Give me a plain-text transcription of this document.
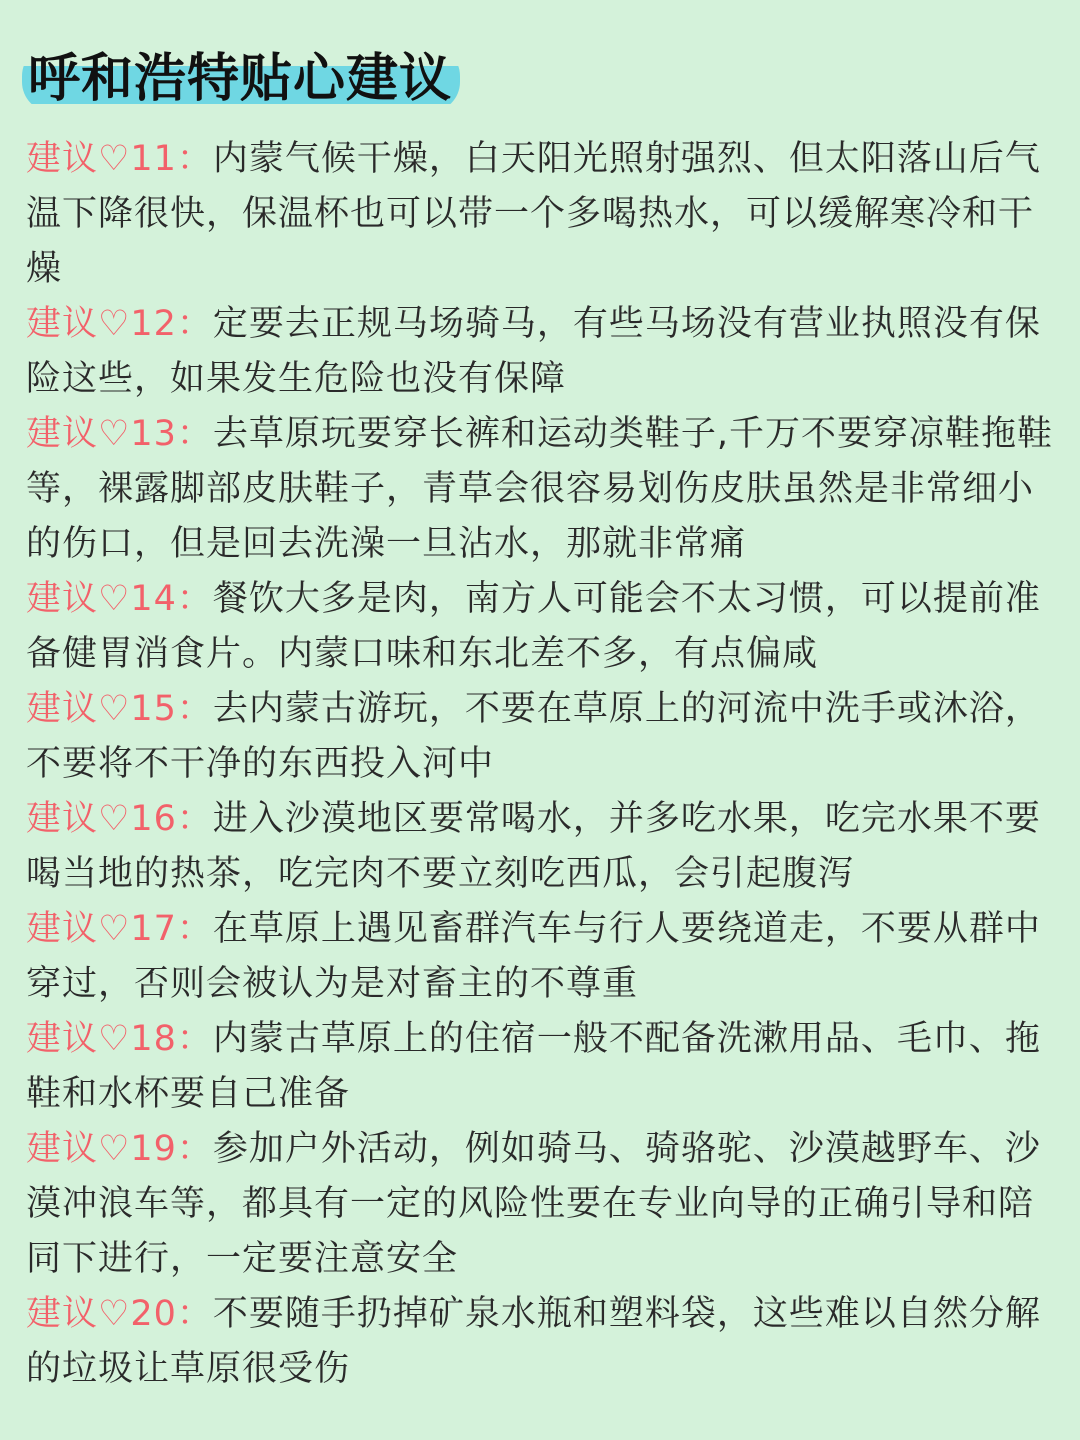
呼和浩特贴心建议
建议♡11：内蒙气候干燥，白天阳光照射强烈、但太阳落山后气温下降很快，保温杯也可以带一个多喝热水，可以缓解寒冷和干燥
建议♡12：定要去正规马场骑马，有些马场没有营业执照没有保险这些，如果发生危险也没有保障
建议♡13：去草原玩要穿长裤和运动类鞋子,千万不要穿凉鞋拖鞋等，裸露脚部皮肤鞋子，青草会很容易划伤皮肤虽然是非常细小的伤口，但是回去洗澡一旦沾水，那就非常痛
建议♡14：餐饮大多是肉，南方人可能会不太习惯，可以提前准备健胃消食片。内蒙口味和东北差不多，有点偏咸
建议♡15：去内蒙古游玩，不要在草原上的河流中洗手或沐浴，不要将不干净的东西投入河中
建议♡16：进入沙漠地区要常喝水，并多吃水果，吃完水果不要喝当地的热茶，吃完肉不要立刻吃西瓜，会引起腹泻
建议♡17：在草原上遇见畜群汽车与行人要绕道走，不要从群中穿过，否则会被认为是对畜主的不尊重
建议♡18：内蒙古草原上的住宿一般不配备洗漱用品、毛巾、拖鞋和水杯要自己准备
建议♡19：参加户外活动，例如骑马、骑骆驼、沙漠越野车、沙漠冲浪车等，都具有一定的风险性要在专业向导的正确引导和陪同下进行，一定要注意安全
建议♡20：不要随手扔掉矿泉水瓶和塑料袋，这些难以自然分解的垃圾让草原很受伤
